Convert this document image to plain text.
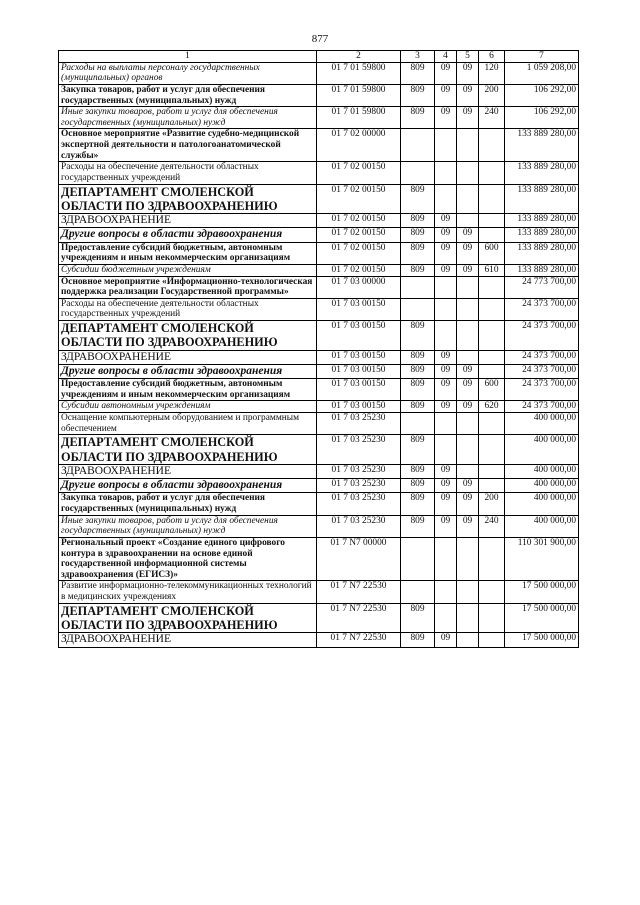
877
1	2	3	4	5	6	7
Расходы на выплаты персоналу государственных (муниципальных) органов	01 7 01 59800	809	09	09	120	1 059 208,00
Закупка товаров, работ и услуг для обеспечения государственных (муниципальных) нужд	01 7 01 59800	809	09	09	200	106 292,00
Иные закупки товаров, работ и услуг для обеспечения государственных (муниципальных) нужд	01 7 01 59800	809	09	09	240	106 292,00
Основное мероприятие «Развитие судебно-медицинской экспертной деятельности и патологоанатомической службы»	01 7 02 00000					133 889 280,00
Расходы на обеспечение деятельности областных государственных учреждений	01 7 02 00150					133 889 280,00
ДЕПАРТАМЕНТ СМОЛЕНСКОЙ ОБЛАСТИ ПО ЗДРАВООХРАНЕНИЮ	01 7 02 00150	809				133 889 280,00
ЗДРАВООХРАНЕНИЕ	01 7 02 00150	809	09			133 889 280,00
Другие вопросы в области здравоохранения	01 7 02 00150	809	09	09		133 889 280,00
Предоставление субсидий бюджетным, автономным учреждениям и иным некоммерческим организациям	01 7 02 00150	809	09	09	600	133 889 280,00
Субсидии бюджетным учреждениям	01 7 02 00150	809	09	09	610	133 889 280,00
Основное мероприятие «Информационно-технологическая поддержка реализации Государственной программы»	01 7 03 00000					24 773 700,00
Расходы на обеспечение деятельности областных государственных учреждений	01 7 03 00150					24 373 700,00
ДЕПАРТАМЕНТ СМОЛЕНСКОЙ ОБЛАСТИ ПО ЗДРАВООХРАНЕНИЮ	01 7 03 00150	809				24 373 700,00
ЗДРАВООХРАНЕНИЕ	01 7 03 00150	809	09			24 373 700,00
Другие вопросы в области здравоохранения	01 7 03 00150	809	09	09		24 373 700,00
Предоставление субсидий бюджетным, автономным учреждениям и иным некоммерческим организациям	01 7 03 00150	809	09	09	600	24 373 700,00
Субсидии автономным учреждениям	01 7 03 00150	809	09	09	620	24 373 700,00
Оснащение компьютерным оборудованием и программным обеспечением	01 7 03 25230					400 000,00
ДЕПАРТАМЕНТ СМОЛЕНСКОЙ ОБЛАСТИ ПО ЗДРАВООХРАНЕНИЮ	01 7 03 25230	809				400 000,00
ЗДРАВООХРАНЕНИЕ	01 7 03 25230	809	09			400 000,00
Другие вопросы в области здравоохранения	01 7 03 25230	809	09	09		400 000,00
Закупка товаров, работ и услуг для обеспечения государственных (муниципальных) нужд	01 7 03 25230	809	09	09	200	400 000,00
Иные закупки товаров, работ и услуг для обеспечения государственных (муниципальных) нужд	01 7 03 25230	809	09	09	240	400 000,00
Региональный проект «Создание единого цифрового контура в здравоохранении на основе единой государственной информационной системы здравоохранения (ЕГИСЗ)»	01 7 N7 00000					110 301 900,00
Развитие информационно-телекоммуникационных технологий в медицинских учреждениях	01 7 N7 22530					17 500 000,00
ДЕПАРТАМЕНТ СМОЛЕНСКОЙ ОБЛАСТИ ПО ЗДРАВООХРАНЕНИЮ	01 7 N7 22530	809				17 500 000,00
ЗДРАВООХРАНЕНИЕ	01 7 N7 22530	809	09			17 500 000,00
